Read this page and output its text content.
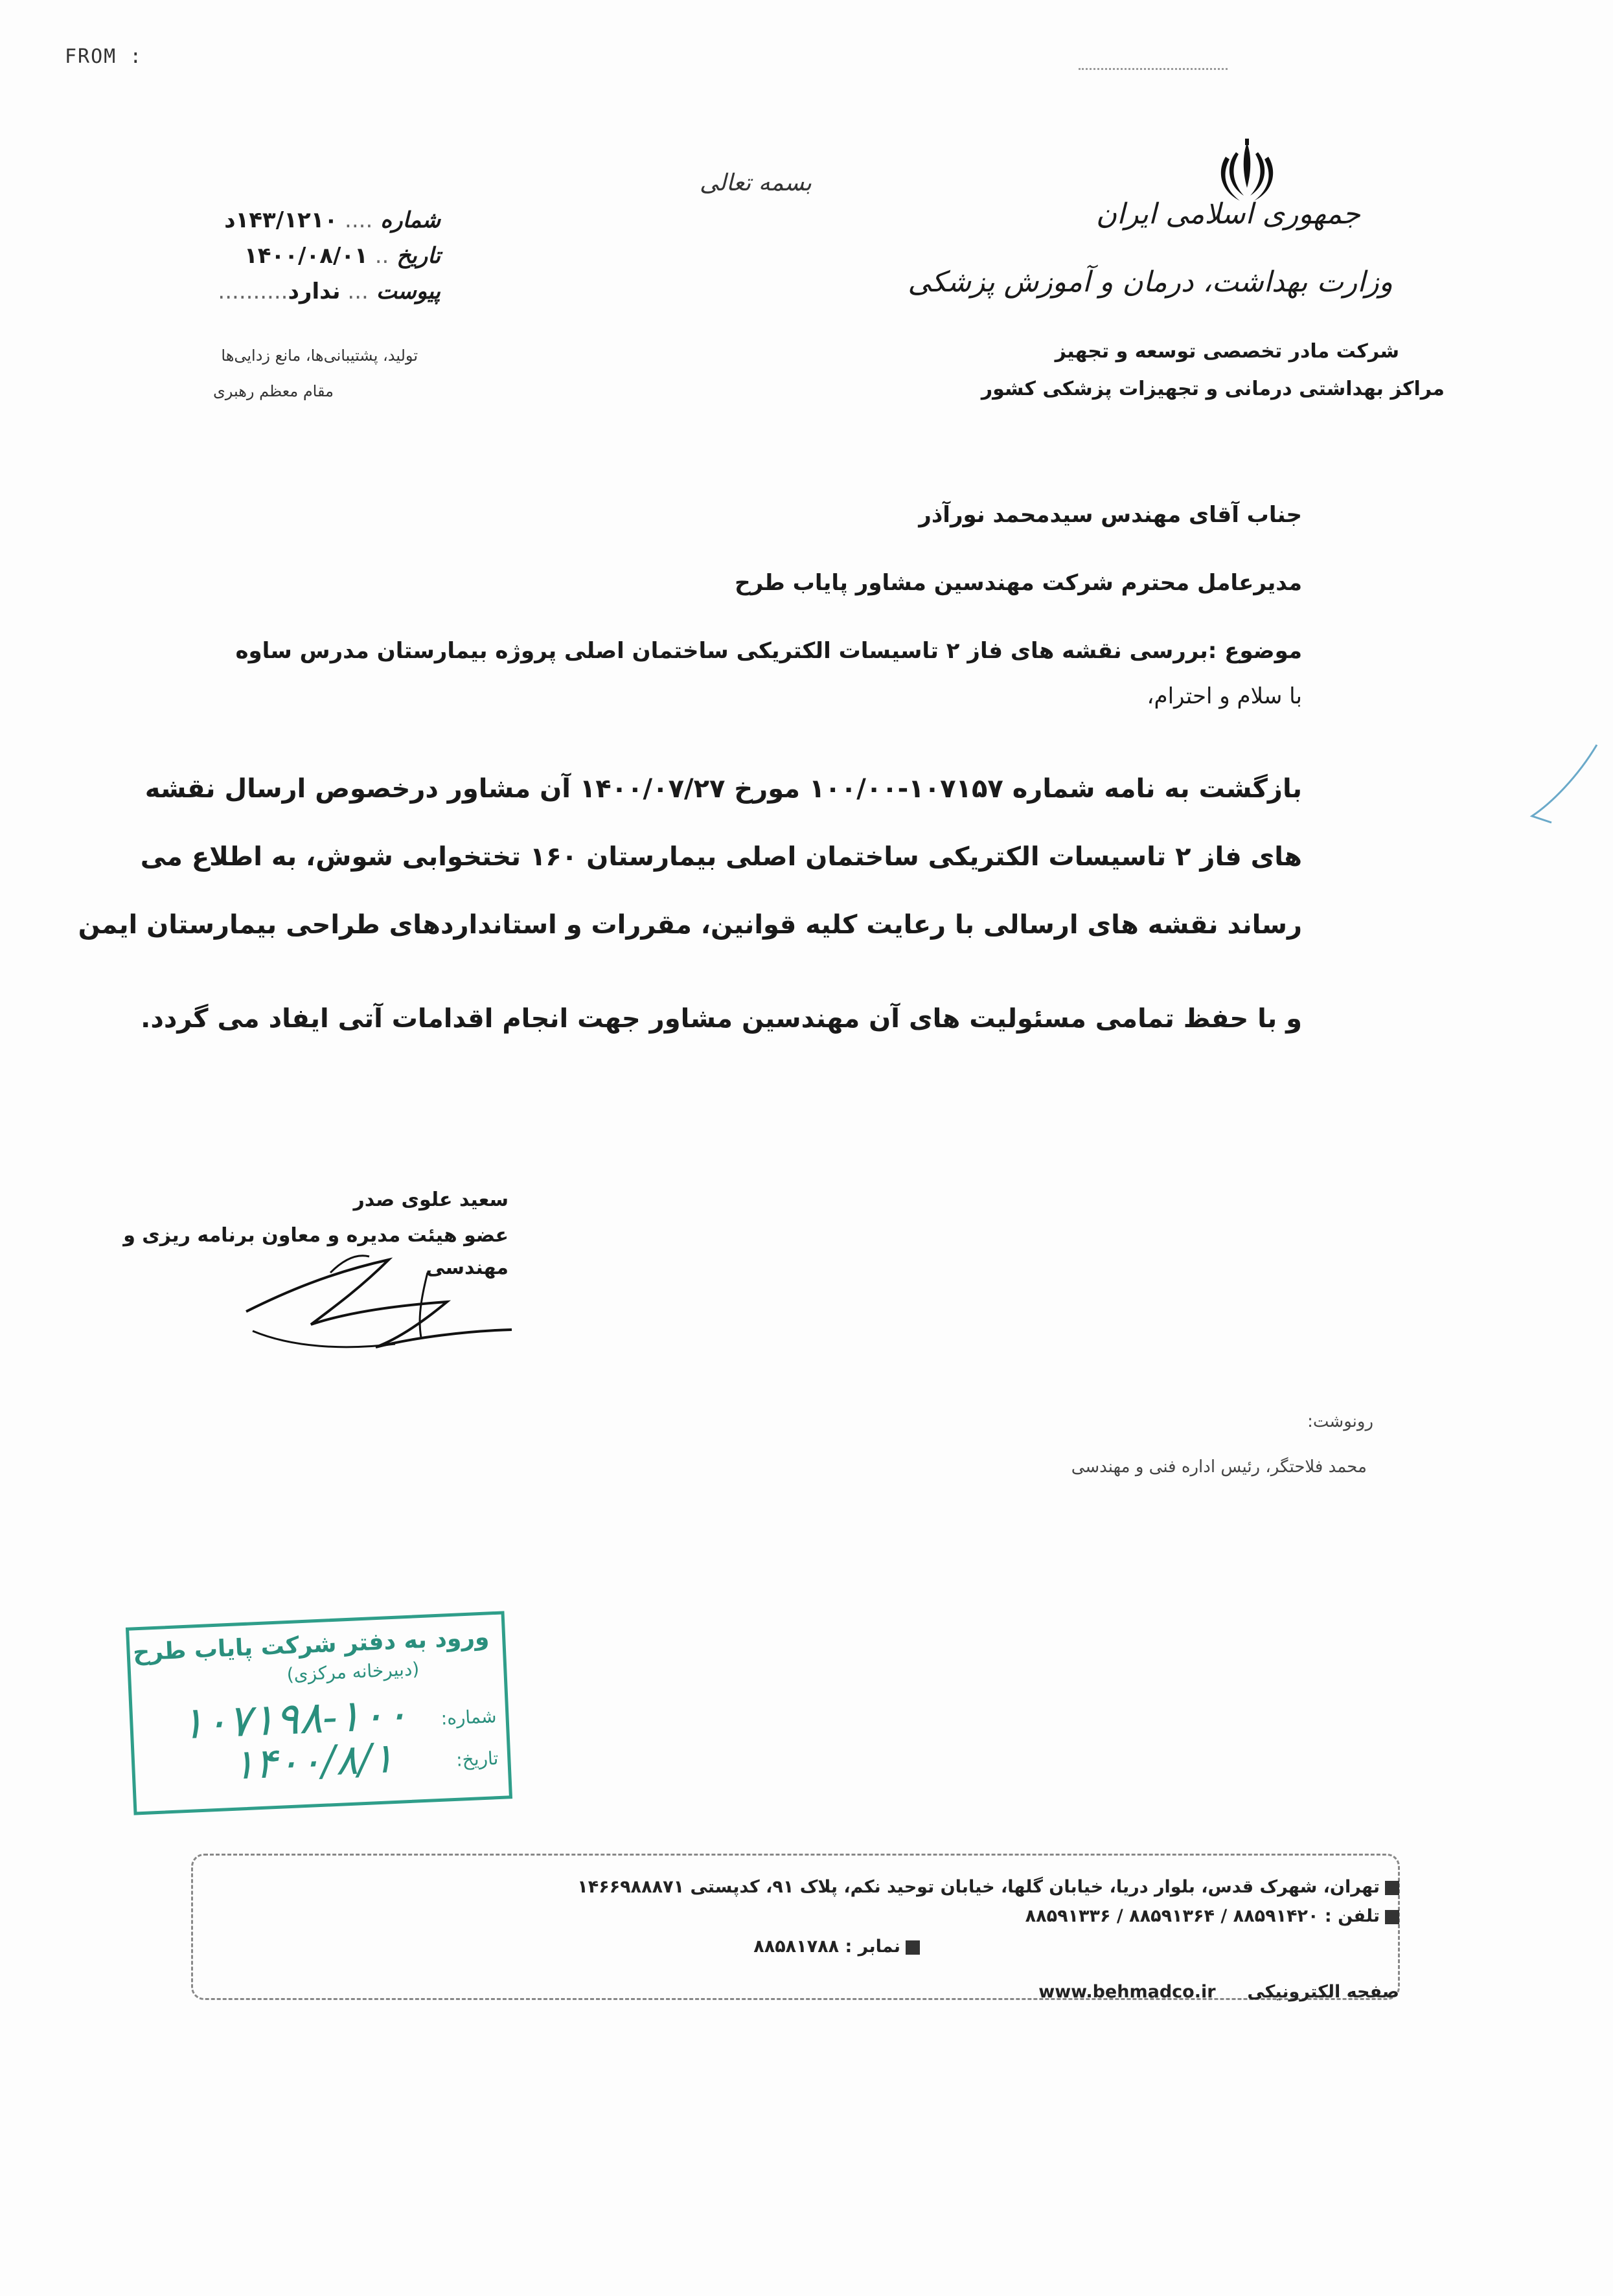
FROM :
بسمه تعالی
جمهوری اسلامی ایران
وزارت بهداشت، درمان و آموزش پزشکی
شرکت مادر تخصصی توسعه و تجهیز
مراکز بهداشتی درمانی و تجهیزات پزشکی کشور
شماره.... ۱۴۳/۱۲۱۰د
تاریخ.. ۱۴۰۰/۰۸/۰۱
پیوست... ندارد..........
تولید، پشتیبانی‌ها، مانع زدایی‌ها
مقام معظم رهبری
جناب آقای مهندس سیدمحمد نورآذر
مدیرعامل محترم شرکت مهندسین مشاور پایاب طرح
موضوع :بررسی نقشه های فاز ۲ تاسیسات الکتریکی ساختمان اصلی پروژه بیمارستان مدرس ساوه
با سلام و احترام،
بازگشت به نامه شماره ۱۰۷۱۵۷-۱۰۰/۰۰ مورخ ۱۴۰۰/۰۷/۲۷ آن مشاور درخصوص ارسال نقشه
های فاز ۲ تاسیسات الکتریکی ساختمان اصلی بیمارستان ۱۶۰ تختخوابی شوش، به اطلاع می
رساند نقشه های ارسالی با رعایت کلیه قوانین، مقررات و استانداردهای طراحی بیمارستان ایمن
و با حفظ تمامی مسئولیت های آن مهندسین مشاور جهت انجام اقدامات آتی ایفاد می گردد.
سعید علوی صدر
عضو هیئت مدیره و معاون برنامه ریزی و
مهندسی
رونوشت:
محمد فلاحتگر، رئیس اداره فنی و مهندسی
ورود به دفتر شرکت پایاب طرح
(دبیرخانه مرکزی)
شماره:
۱۰۷۱۹۸-۱۰۰
تاریخ:
۱۴۰۰/۸/۱
تهران، شهرک قدس، بلوار دریا، خیابان گلها، خیابان توحید نکم، پلاک ۹۱، کدپستی ۱۴۶۶۹۸۸۸۷۱
تلفن : ۸۸۵۹۱۴۲۰ / ۸۸۵۹۱۳۶۴ / ۸۸۵۹۱۳۳۶
نمابر : ۸۸۵۸۱۷۸۸
صفحه الکترونیکی  www.behmadco.ir
